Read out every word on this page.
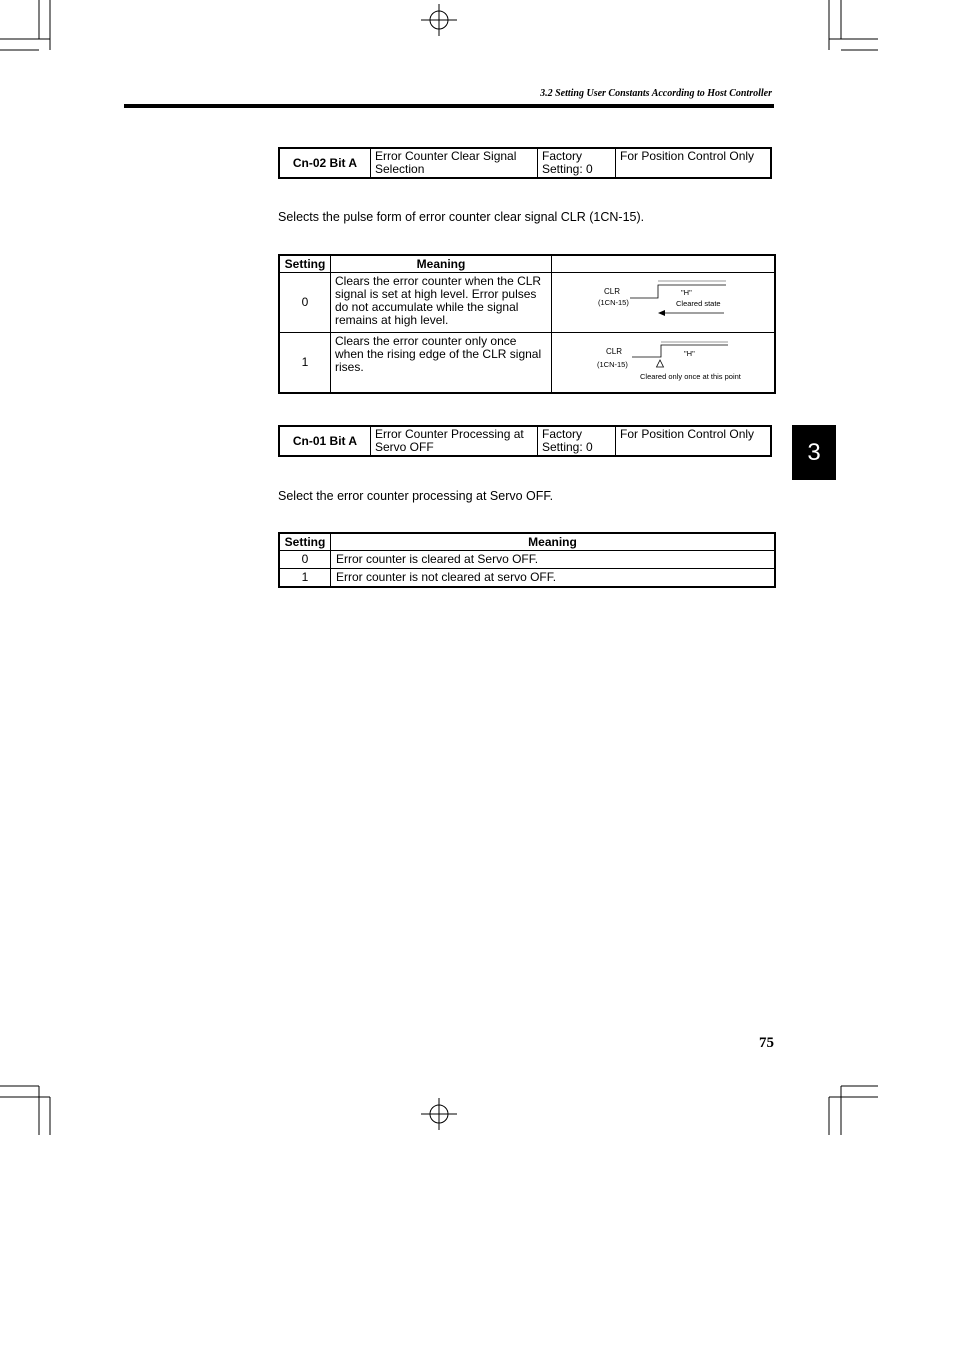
3.2 Setting User Constants According to Host Controller
Cn-02 Bit A	Error Counter Clear Signal Selection	Factory Setting: 0	For Position Control Only
Selects the pulse form of error counter clear signal CLR (1CN-15).
Setting	Meaning	
0	Clears the error counter when the CLR signal is set at high level. Error pulses do not accumulate while the signal remains at high level.	CLR
(1CN-15)
"H"
Cleared state

1	Clears the error counter only once when the rising edge of the CLR signal rises.	CLR
(1CN-15)
"H"
Cleared only once at this point
Cn-01 Bit A	Error Counter Processing at Servo OFF	Factory Setting: 0	For Position Control Only
Select the error counter processing at Servo OFF.
Setting	Meaning
0	Error counter is cleared at Servo OFF.
1	Error counter is not cleared at servo OFF.
3
75
